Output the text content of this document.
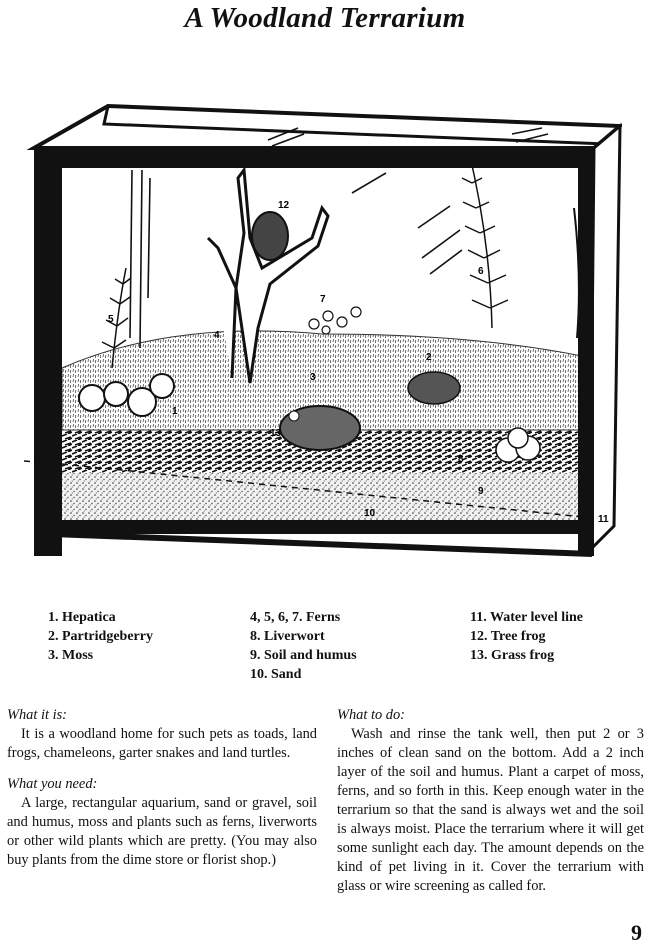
A Woodland Terrarium
1
2
3
4
5
6
7
8
9
10
11
12
13
1. Hepatica
2. Partridgeberry
3. Moss
4, 5, 6, 7. Ferns
8. Liverwort
9. Soil and humus
10. Sand
11. Water level line
12. Tree frog
13. Grass frog
What it is:
It is a woodland home for such pets as toads, land frogs, chameleons, garter snakes and land turtles.
What you need:
A large, rectangular aquarium, sand or gravel, soil and humus, moss and plants such as ferns, liverworts or other wild plants which are pretty. (You may also buy plants from the dime store or florist shop.)
What to do:
Wash and rinse the tank well, then put 2 or 3 inches of clean sand on the bottom. Add a 2 inch layer of the soil and humus. Plant a carpet of moss, ferns, and so forth in this. Keep enough water in the terrarium so that the sand is always wet and the soil is always moist. Place the terrarium where it will get some sunlight each day. The amount depends on the kind of pet living in it. Cover the terrarium with glass or wire screening as called for.
9
